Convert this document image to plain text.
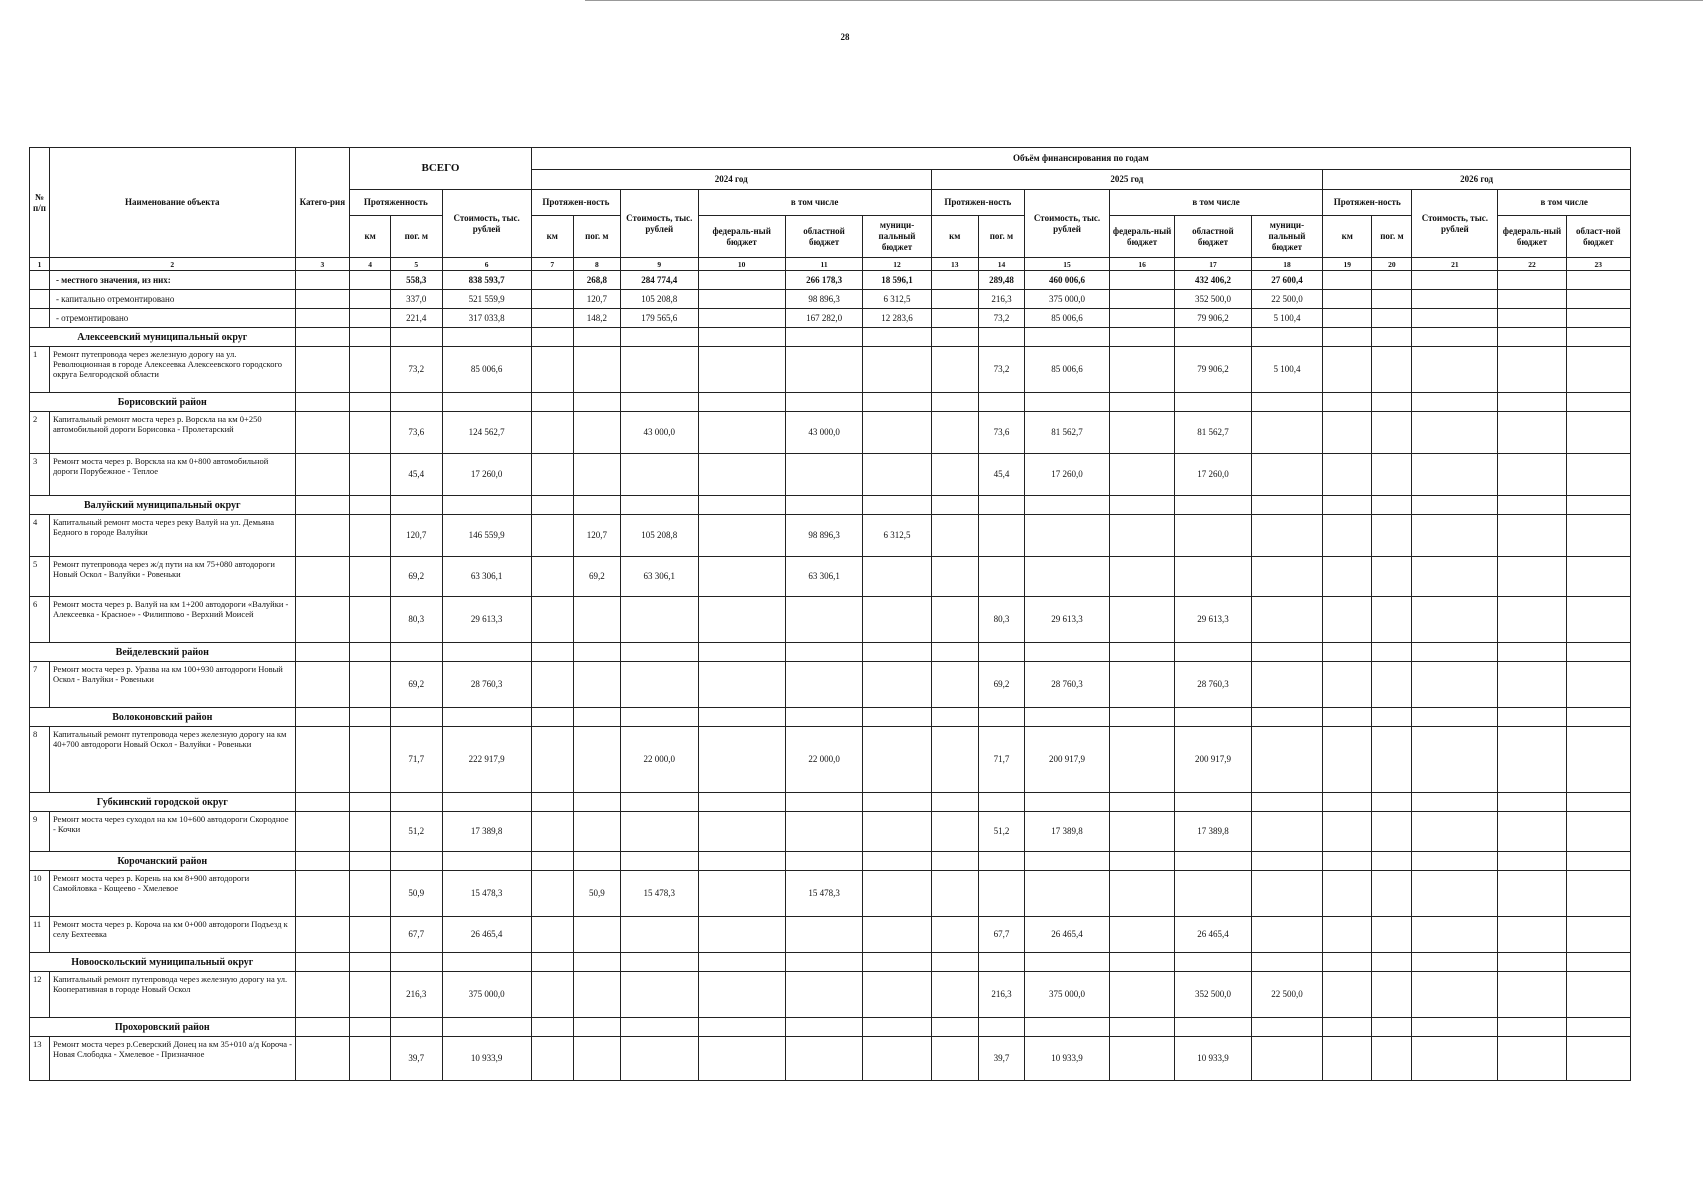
28
№ п/п	Наименование объекта	Катего-рия	ВСЕГО			Объём финансирования по годам																
						2024 год						2025 год						2026 год				
			Протяженность		Стоимость, тыс. рублей	Протяжен-ность		Стоимость, тыс. рублей	в том числе			Протяжен-ность		Стоимость, тыс. рублей	в том числе			Протяжен-ность		Стоимость, тыс. рублей	в том числе	
			км	пог. м		км	пог. м		федераль-ный бюджет	областной бюджет	муници-пальный бюджет	км	пог. м		федераль-ный бюджет	областной бюджет	муници-пальный бюджет	км	пог. м		федераль-ный бюджет	област-ной бюджет
1	2	3	4	5	6	7	8	9	10	11	12	13	14	15	16	17	18	19	20	21	22	23
	- местного значения, из них:			558,3	838 593,7		268,8	284 774,4		266 178,3	18 596,1		289,48	460 006,6		432 406,2	27 600,4					
	- капитально отремонтировано			337,0	521 559,9		120,7	105 208,8		98 896,3	6 312,5		216,3	375 000,0		352 500,0	22 500,0					
	- отремонтировано			221,4	317 033,8		148,2	179 565,6		167 282,0	12 283,6		73,2	85 006,6		79 906,2	5 100,4					
Алексеевский муниципальный округ																						
1	Ремонт путепровода через железную дорогу на ул. Революционная в городе Алексеевка Алексеевского городского округа Белгородской области			73,2	85 006,6								73,2	85 006,6		79 906,2	5 100,4					
Борисовский район																						
2	Капитальный ремонт моста через р. Ворскла на км 0+250 автомобильной дороги Борисовка - Пролетарский			73,6	124 562,7			43 000,0		43 000,0			73,6	81 562,7		81 562,7						
3	Ремонт моста через р. Ворскла на км 0+800 автомобильной дороги Порубежное - Теплое			45,4	17 260,0								45,4	17 260,0		17 260,0						
Валуйский муниципальный округ																						
4	Капитальный ремонт моста через реку Валуй на ул. Демьяна Бедного в городе Валуйки			120,7	146 559,9		120,7	105 208,8		98 896,3	6 312,5											
5	Ремонт путепровода через ж/д пути на км 75+080 автодороги Новый Оскол - Валуйки - Ровеньки			69,2	63 306,1		69,2	63 306,1		63 306,1												
6	Ремонт моста через р. Валуй на км 1+200 автодороги «Валуйки - Алексеевка - Красное» - Филиппово - Верхний Моисей			80,3	29 613,3								80,3	29 613,3		29 613,3						
Вейделевский район																						
7	Ремонт моста через р. Уразва на км 100+930 автодороги Новый Оскол - Валуйки - Ровеньки			69,2	28 760,3								69,2	28 760,3		28 760,3						
Волоконовский район																						
8	Капитальный ремонт путепровода через железную дорогу на км 40+700 автодороги Новый Оскол - Валуйки - Ровеньки			71,7	222 917,9			22 000,0		22 000,0			71,7	200 917,9		200 917,9						
Губкинский городской округ																						
9	Ремонт моста через суходол на км 10+600 автодороги Скородное - Кочки			51,2	17 389,8								51,2	17 389,8		17 389,8						
Корочанский район																						
10	Ремонт моста через р. Корень на км 8+900 автодороги Самойловка - Кощеево - Хмелевое			50,9	15 478,3		50,9	15 478,3		15 478,3												
11	Ремонт моста через р. Короча на км 0+000 автодороги Подъезд к селу Бехтеевка			67,7	26 465,4								67,7	26 465,4		26 465,4						
Новооскольский муниципальный округ																						
12	Капитальный ремонт путепровода через железную дорогу на ул. Кооперативная в городе Новый Оскол			216,3	375 000,0								216,3	375 000,0		352 500,0	22 500,0					
Прохоровский район																						
13	Ремонт моста через р.Северский Донец на км 35+010 а/д Короча - Новая Слободка - Хмелевое - Призначное			39,7	10 933,9								39,7	10 933,9		10 933,9						
